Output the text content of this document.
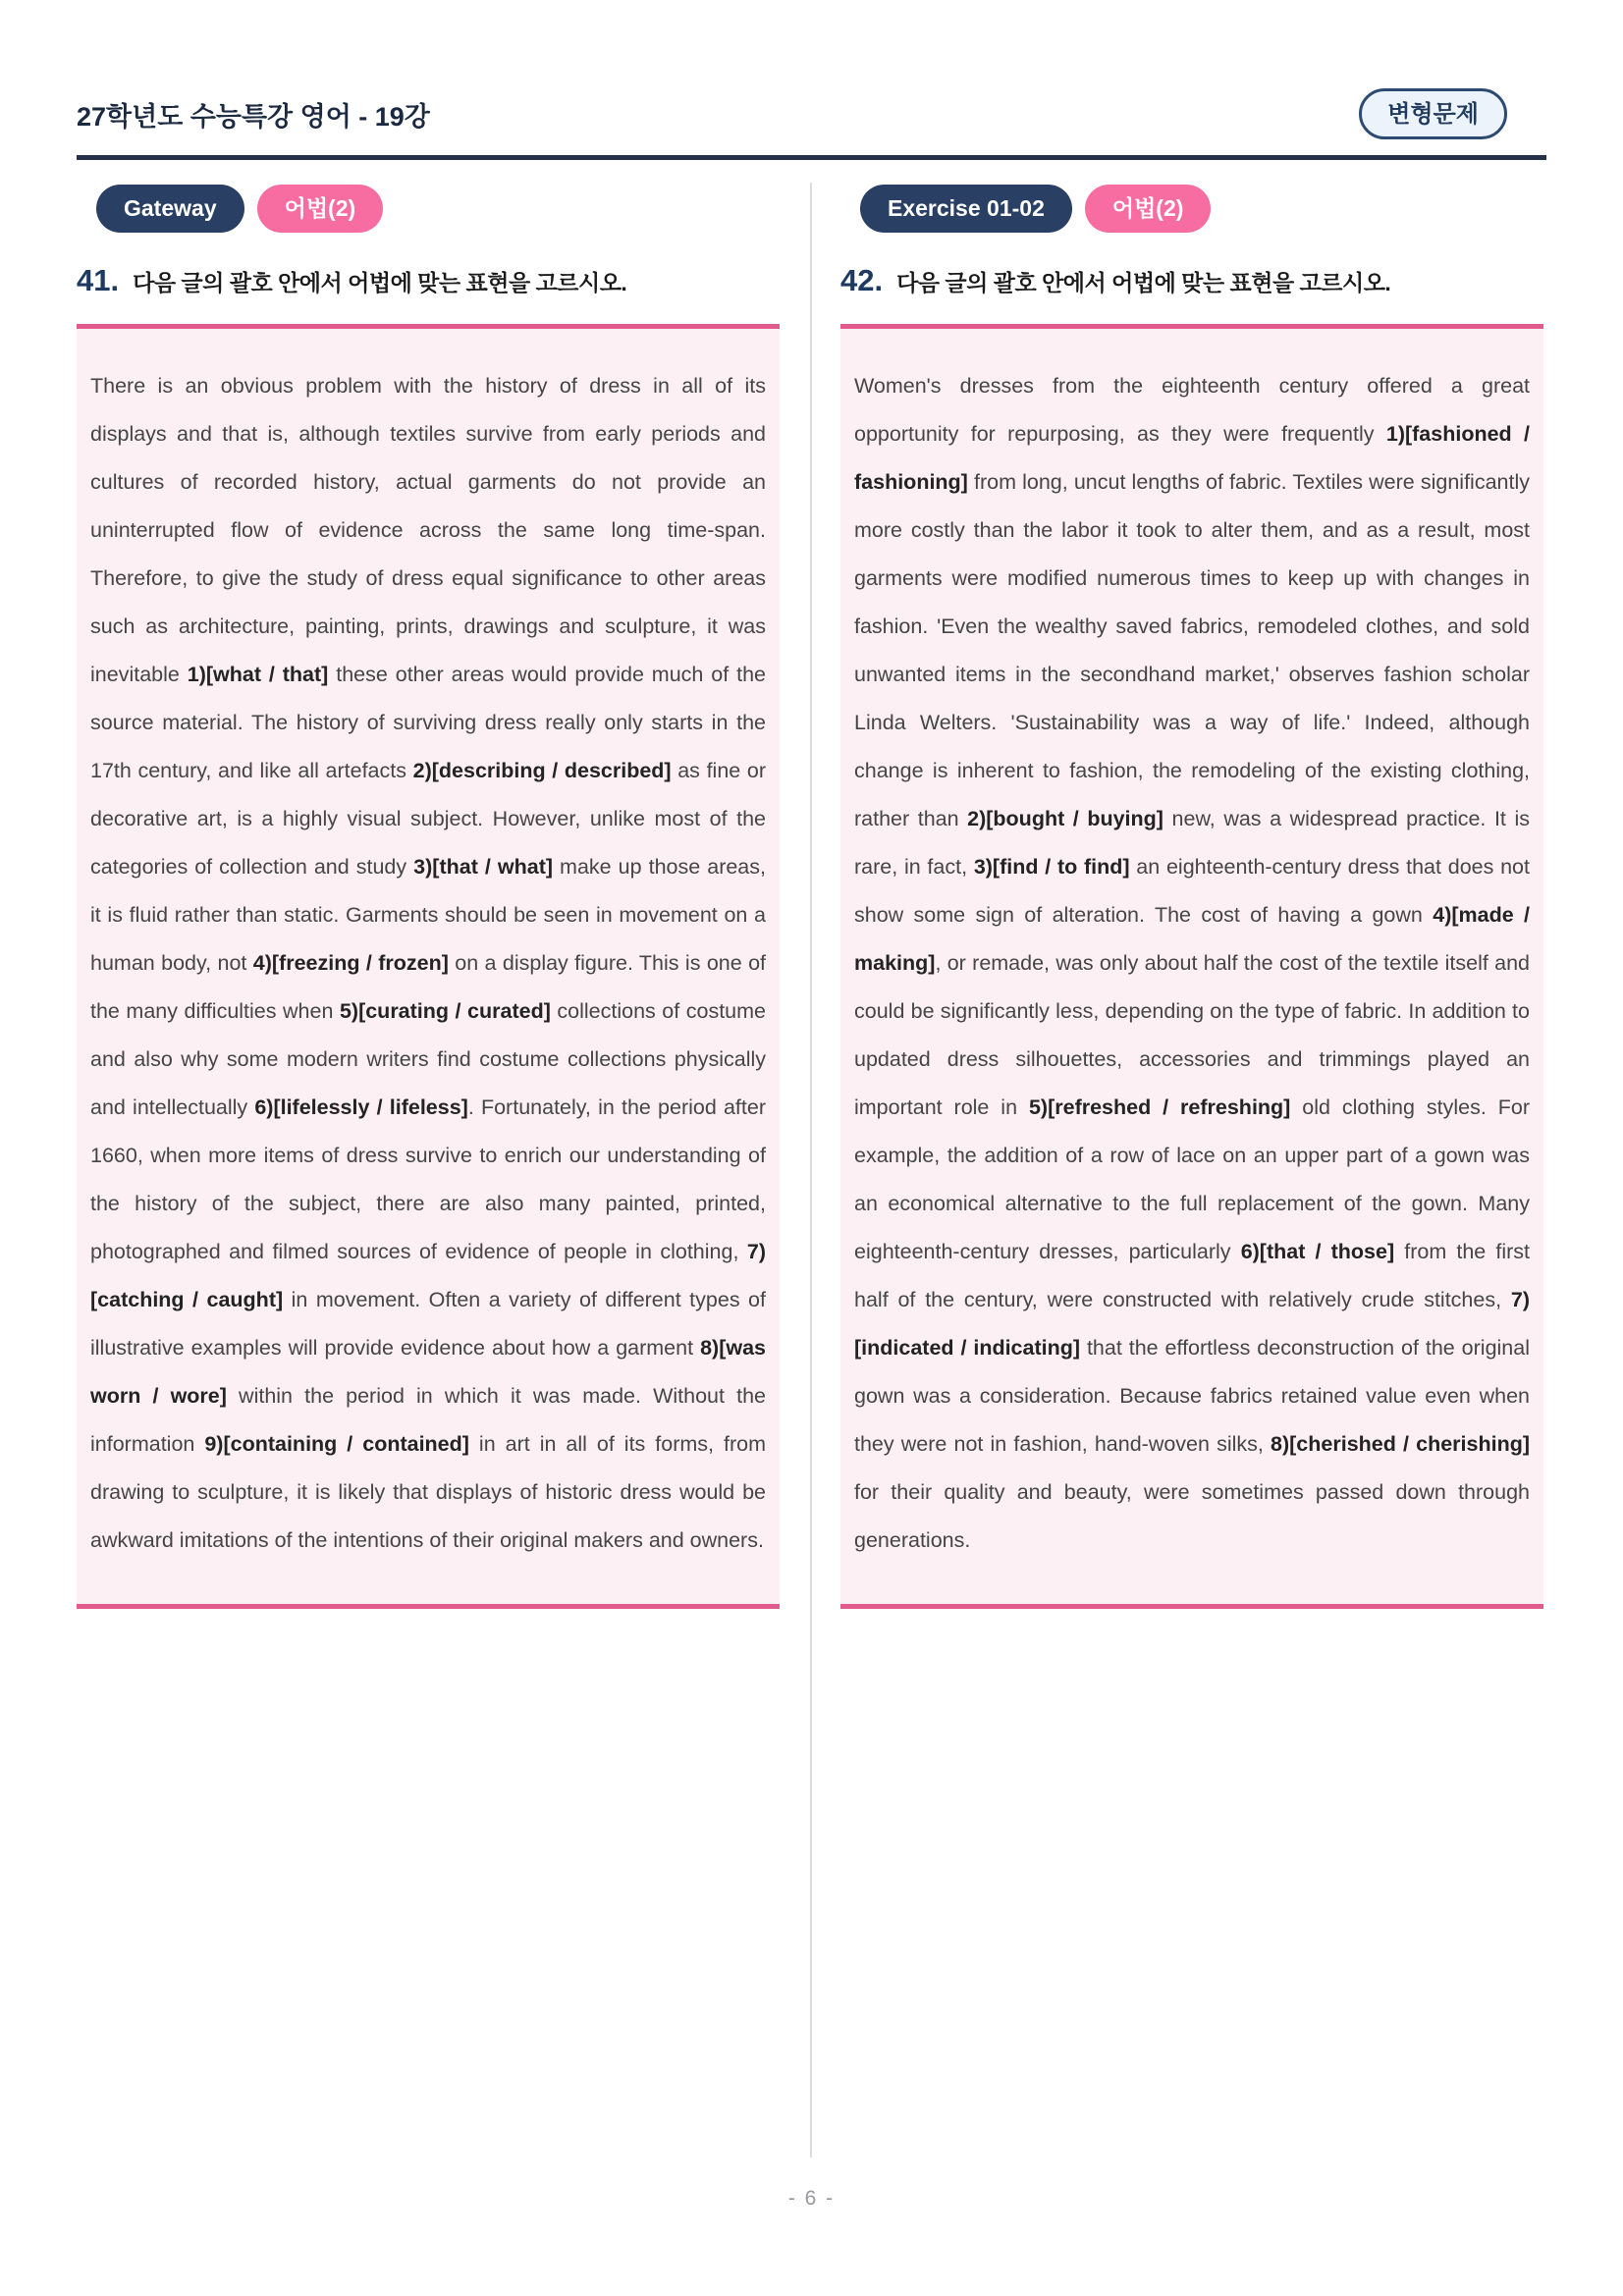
27학년도 수능특강 영어 - 19강	변형문제
Gateway	어법(2)
41. 다음 글의 괄호 안에서 어법에 맞는 표현을 고르시오.
There is an obvious problem with the history of dress in all of its displays and that is, although textiles survive from early periods and cultures of recorded history, actual garments do not provide an uninterrupted flow of evidence across the same long time-span. Therefore, to give the study of dress equal significance to other areas such as architecture, painting, prints, drawings and sculpture, it was inevitable 1)[what / that] these other areas would provide much of the source material. The history of surviving dress really only starts in the 17th century, and like all artefacts 2)[describing / described] as fine or decorative art, is a highly visual subject. However, unlike most of the categories of collection and study 3)[that / what] make up those areas, it is fluid rather than static. Garments should be seen in movement on a human body, not 4)[freezing / frozen] on a display figure. This is one of the many difficulties when 5)[curating / curated] collections of costume and also why some modern writers find costume collections physically and intellectually 6)[lifelessly / lifeless]. Fortunately, in the period after 1660, when more items of dress survive to enrich our understanding of the history of the subject, there are also many painted, printed, photographed and filmed sources of evidence of people in clothing, 7)[catching / caught] in movement. Often a variety of different types of illustrative examples will provide evidence about how a garment 8)[was worn / wore] within the period in which it was made. Without the information 9)[containing / contained] in art in all of its forms, from drawing to sculpture, it is likely that displays of historic dress would be awkward imitations of the intentions of their original makers and owners.
Exercise 01-02	어법(2)
42. 다음 글의 괄호 안에서 어법에 맞는 표현을 고르시오.
Women's dresses from the eighteenth century offered a great opportunity for repurposing, as they were frequently 1)[fashioned / fashioning] from long, uncut lengths of fabric. Textiles were significantly more costly than the labor it took to alter them, and as a result, most garments were modified numerous times to keep up with changes in fashion. 'Even the wealthy saved fabrics, remodeled clothes, and sold unwanted items in the secondhand market,' observes fashion scholar Linda Welters. 'Sustainability was a way of life.' Indeed, although change is inherent to fashion, the remodeling of the existing clothing, rather than 2)[bought / buying] new, was a widespread practice. It is rare, in fact, 3)[find / to find] an eighteenth-century dress that does not show some sign of alteration. The cost of having a gown 4)[made / making], or remade, was only about half the cost of the textile itself and could be significantly less, depending on the type of fabric. In addition to updated dress silhouettes, accessories and trimmings played an important role in 5)[refreshed / refreshing] old clothing styles. For example, the addition of a row of lace on an upper part of a gown was an economical alternative to the full replacement of the gown. Many eighteenth-century dresses, particularly 6)[that / those] from the first half of the century, were constructed with relatively crude stitches, 7)[indicated / indicating] that the effortless deconstruction of the original gown was a consideration. Because fabrics retained value even when they were not in fashion, hand-woven silks, 8)[cherished / cherishing] for their quality and beauty, were sometimes passed down through generations.
- 6 -
